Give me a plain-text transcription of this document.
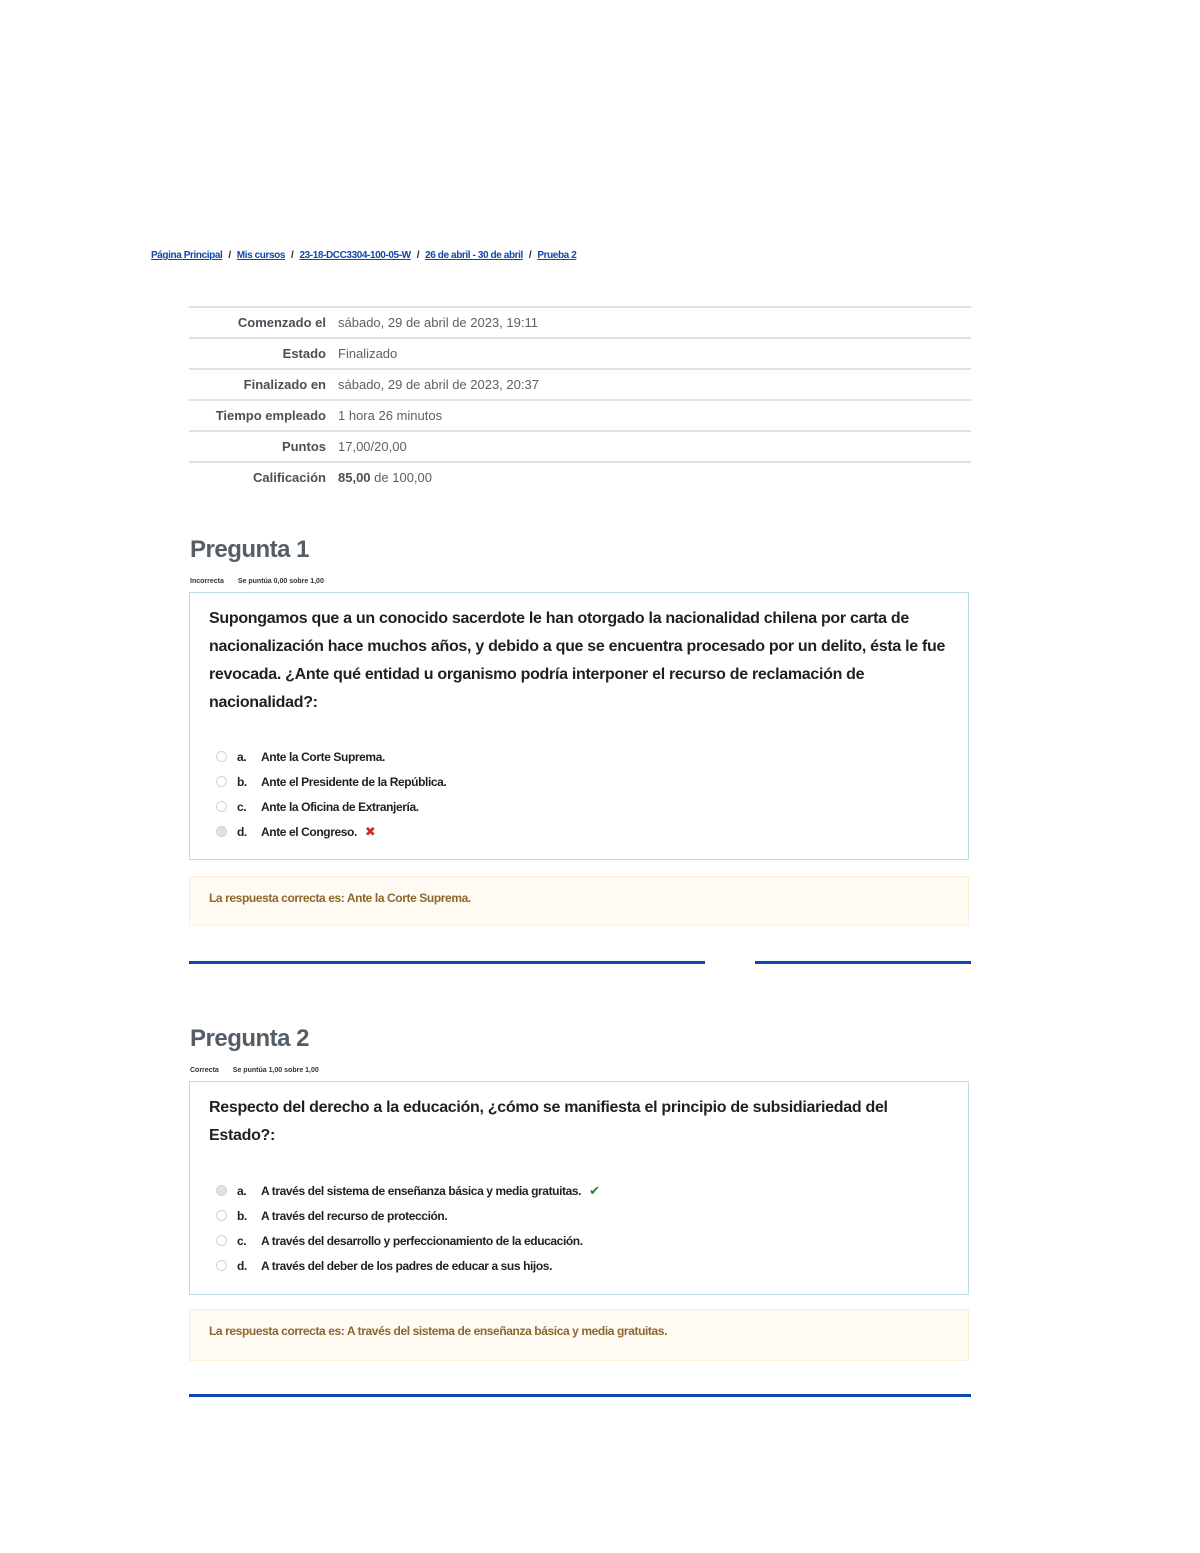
Página Principal / Mis cursos / 23-18-DCC3304-100-05-W / 26 de abril - 30 de abril / Prueba 2
Comenzado el	sábado, 29 de abril de 2023, 19:11
Estado	Finalizado
Finalizado en	sábado, 29 de abril de 2023, 20:37
Tiempo empleado	1 hora 26 minutos
Puntos	17,00/20,00
Calificación	85,00 de 100,00
Pregunta 1
Incorrecta Se puntúa 0,00 sobre 1,00
Supongamos que a un conocido sacerdote le han otorgado la nacionalidad chilena por carta de nacionalización hace muchos años, y debido a que se encuentra procesado por un delito, ésta le fue revocada. ¿Ante qué entidad u organismo podría interponer el recurso de reclamación de nacionalidad?:
a.	Ante la Corte Suprema.
b.	Ante el Presidente de la República.
c.	Ante la Oficina de Extranjería.
d.	Ante el Congreso. ✖
La respuesta correcta es: Ante la Corte Suprema.
Pregunta 2
Correcta Se puntúa 1,00 sobre 1,00
Respecto del derecho a la educación, ¿cómo se manifiesta el principio de subsidiariedad del Estado?:
a.	A través del sistema de enseñanza básica y media gratuitas. ✔
b.	A través del recurso de protección.
c.	A través del desarrollo y perfeccionamiento de la educación.
d.	A través del deber de los padres de educar a sus hijos.
La respuesta correcta es: A través del sistema de enseñanza básica y media gratuitas.
